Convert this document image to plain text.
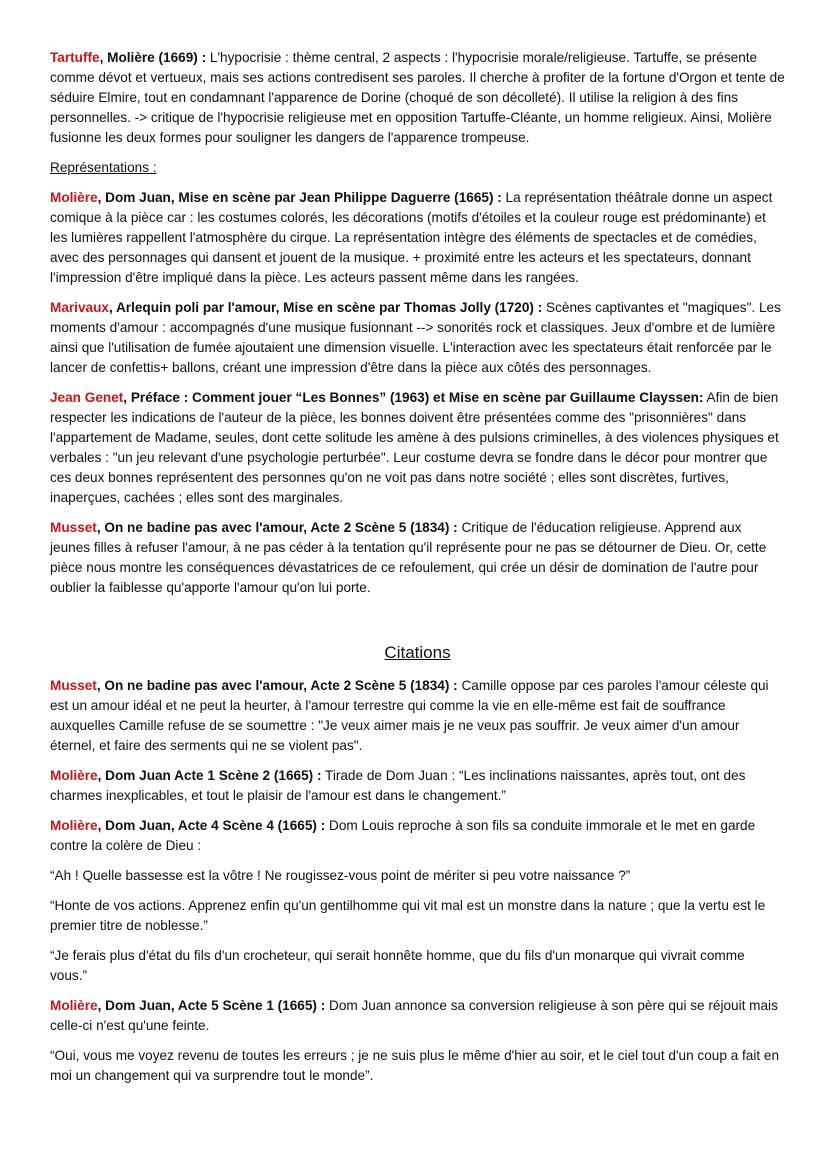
Tartuffe, Molière (1669) : L'hypocrisie : thème central, 2 aspects : l'hypocrisie morale/religieuse. Tartuffe, se présente comme dévot et vertueux, mais ses actions contredisent ses paroles. Il cherche à profiter de la fortune d'Orgon et tente de séduire Elmire, tout en condamnant l'apparence de Dorine (choqué de son décolleté). Il utilise la religion à des fins personnelles. -> critique de l'hypocrisie religieuse met en opposition Tartuffe-Cléante, un homme religieux. Ainsi, Molière fusionne les deux formes pour souligner les dangers de l'apparence trompeuse.

Représentations :

Molière, Dom Juan, Mise en scène par Jean Philippe Daguerre (1665) : La représentation théâtrale donne un aspect comique à la pièce car : les costumes colorés, les décorations (motifs d'étoiles et la couleur rouge est prédominante) et les lumières rappellent l'atmosphère du cirque. La représentation intègre des éléments de spectacles et de comédies, avec des personnages qui dansent et jouent de la musique. + proximité entre les acteurs et les spectateurs, donnant l'impression d'être impliqué dans la pièce. Les acteurs passent même dans les rangées.

Marivaux, Arlequin poli par l'amour, Mise en scène par Thomas Jolly (1720) : Scènes captivantes et "magiques". Les moments d'amour : accompagnés d'une musique fusionnant --> sonorités rock et classiques. Jeux d'ombre et de lumière ainsi que l'utilisation de fumée ajoutaient une dimension visuelle. L'interaction avec les spectateurs était renforcée par le lancer de confettis+ ballons, créant une impression d'être dans la pièce aux côtés des personnages.

Jean Genet, Préface : Comment jouer “Les Bonnes” (1963) et Mise en scène par Guillaume Clayssen: Afin de bien respecter les indications de l'auteur de la pièce, les bonnes doivent être présentées comme des "prisonnières" dans l'appartement de Madame, seules, dont cette solitude les amène à des pulsions criminelles, à des violences physiques et verbales : "un jeu relevant d'une psychologie perturbée". Leur costume devra se fondre dans le décor pour montrer que ces deux bonnes représentent des personnes qu'on ne voit pas dans notre société ; elles sont discrètes, furtives, inaperçues, cachées ; elles sont des marginales.

Musset, On ne badine pas avec l'amour, Acte 2 Scène 5 (1834) : Critique de l'éducation religieuse. Apprend aux jeunes filles à refuser l'amour, à ne pas céder à la tentation qu'il représente pour ne pas se détourner de Dieu. Or, cette pièce nous montre les conséquences dévastatrices de ce refoulement, qui crée un désir de domination de l'autre pour oublier la faiblesse qu'apporte l'amour qu'on lui porte.

Citations

Musset, On ne badine pas avec l'amour, Acte 2 Scène 5 (1834) : Camille oppose par ces paroles l'amour céleste qui est un amour idéal et ne peut la heurter, à l'amour terrestre qui comme la vie en elle-même est fait de souffrance auxquelles Camille refuse de se soumettre : "Je veux aimer mais je ne veux pas souffrir. Je veux aimer d'un amour éternel, et faire des serments qui ne se violent pas".

Molière, Dom Juan Acte 1 Scène 2 (1665) : Tirade de Dom Juan : “Les inclinations naissantes, après tout, ont des charmes inexplicables, et tout le plaisir de l'amour est dans le changement.”

Molière, Dom Juan, Acte 4 Scène 4 (1665) : Dom Louis reproche à son fils sa conduite immorale et le met en garde contre la colère de Dieu :

“Ah ! Quelle bassesse est la vôtre ! Ne rougissez-vous point de mériter si peu votre naissance ?”

“Honte de vos actions. Apprenez enfin qu'un gentilhomme qui vit mal est un monstre dans la nature ; que la vertu est le premier titre de noblesse.”

“Je ferais plus d'état du fils d'un crocheteur, qui serait honnête homme, que du fils d'un monarque qui vivrait comme vous.”

Molière, Dom Juan, Acte 5 Scène 1 (1665) : Dom Juan annonce sa conversion religieuse à son père qui se réjouit mais celle-ci n'est qu'une feinte.

“Oui, vous me voyez revenu de toutes les erreurs ; je ne suis plus le même d'hier au soir, et le ciel tout d'un coup a fait en moi un changement qui va surprendre tout le monde”.
